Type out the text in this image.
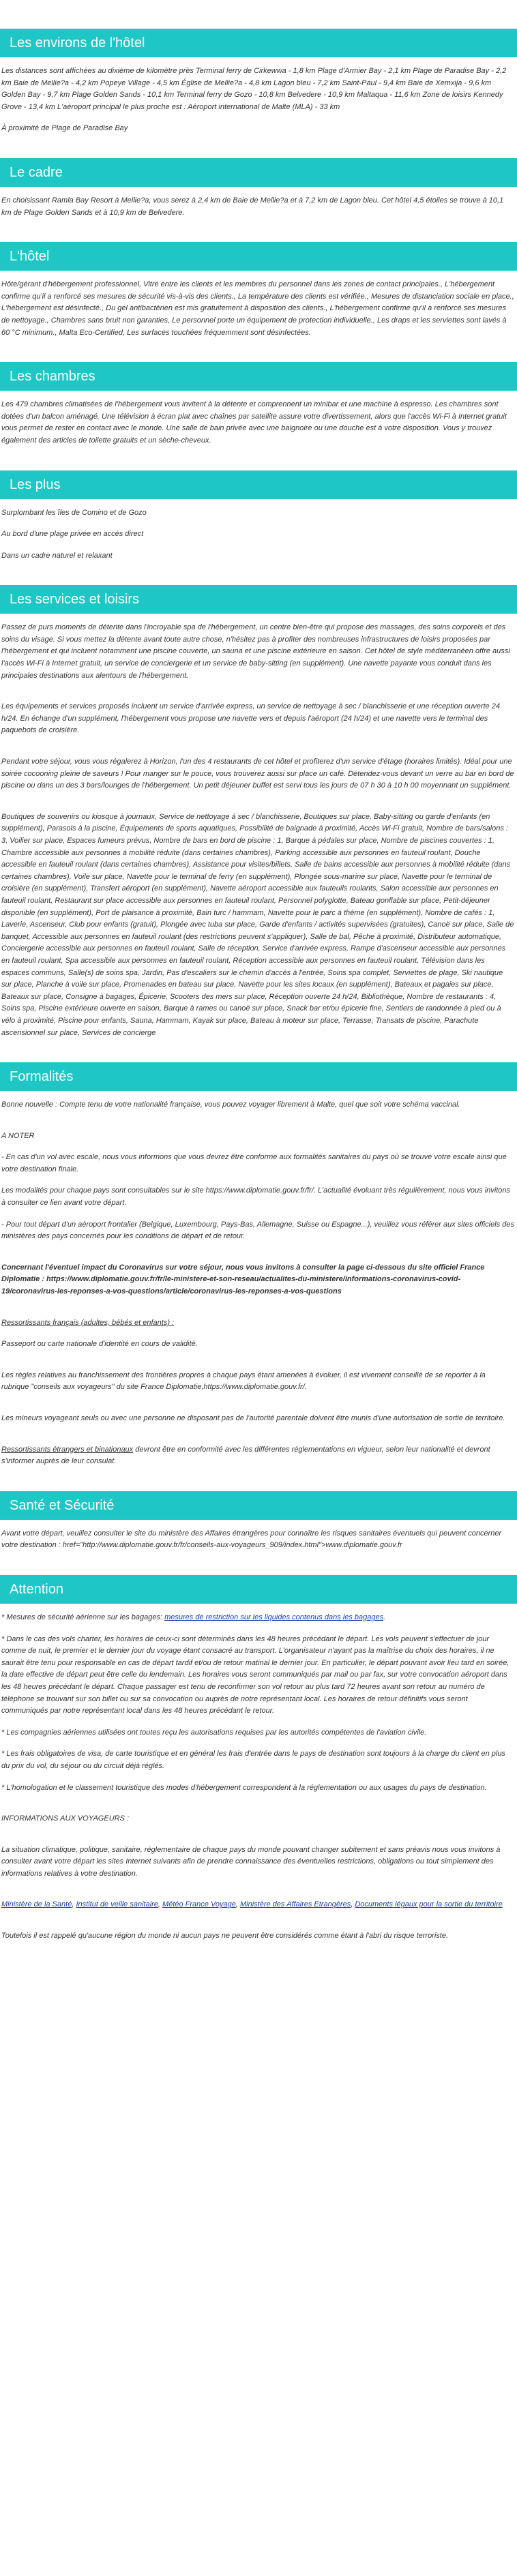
Les environs de l'hôtel

Les distances sont affichées au dixième de kilomètre près Terminal ferry de Cirkewwa - 1,8 km Plage d'Armier Bay - 2,1 km Plage de Paradise Bay - 2,2 km Baie de Mellie?a - 4,2 km Popeye Village - 4,5 km Église de Mellie?a - 4,8 km Lagon bleu - 7,2 km Saint-Paul - 9,4 km Baie de Xemxija - 9,6 km Golden Bay - 9,7 km Plage Golden Sands - 10,1 km Terminal ferry de Gozo - 10,8 km Belvedere - 10,9 km Maltaqua - 11,6 km Zone de loisirs Kennedy Grove - 13,4 km L'aéroport principal le plus proche est : Aéroport international de Malte (MLA) - 33 km

À proximité de Plage de Paradise Bay

Le cadre

En choisissant Ramla Bay Resort à Mellie?a, vous serez à 2,4 km de Baie de Mellie?a et à 7,2 km de Lagon bleu. Cet hôtel 4,5 étoiles se trouve à 10,1 km de Plage Golden Sands et à 10,9 km de Belvedere.

L'hôtel

Hôte/gérant d'hébergement professionnel, Vitre entre les clients et les membres du personnel dans les zones de contact principales., L'hébergement confirme qu'il a renforcé ses mesures de sécurité vis-à-vis des clients., La température des clients est vérifiée., Mesures de distanciation sociale en place., L'hébergement est désinfecté., Du gel antibactérien est mis gratuitement à disposition des clients., L'hébergement confirme qu'il a renforcé ses mesures de nettoyage., Chambres sans bruit non garanties, Le personnel porte un équipement de protection individuelle., Les draps et les serviettes sont lavés à 60 °C minimum., Malta Eco-Certified, Les surfaces touchées fréquemment sont désinfectées.

Les chambres

Les 479 chambres climatisées de l'hébergement vous invitent à la détente et comprennent un minibar et une machine à espresso. Les chambres sont dotées d'un balcon aménagé. Une télévision à écran plat avec chaînes par satellite assure votre divertissement, alors que l'accès Wi-Fi à Internet gratuit vous permet de rester en contact avec le monde. Une salle de bain privée avec une baignoire ou une douche est à votre disposition. Vous y trouvez également des articles de toilette gratuits et un sèche-cheveux.

Les plus

Surplombant les îles de Comino et de Gozo

Au bord d'une plage privée en accès direct

Dans un cadre naturel et relaxant

Les services et loisirs

Passez de purs moments de détente dans l'incroyable spa de l'hébergement, un centre bien-être qui propose des massages, des soins corporels et des soins du visage. Si vous mettez la détente avant toute autre chose, n'hésitez pas à profiter des nombreuses infrastructures de loisirs proposées par l'hébergement et qui incluent notamment une piscine couverte, un sauna et une piscine extérieure en saison. Cet hôtel de style méditerranéen offre aussi l'accès Wi-Fi à Internet gratuit, un service de conciergerie et un service de baby-sitting (en supplément). Une navette payante vous conduit dans les principales destinations aux alentours de l'hébergement.

Les équipements et services proposés incluent un service d'arrivée express, un service de nettoyage à sec / blanchisserie et une réception ouverte 24 h/24. En échange d'un supplément, l'hébergement vous propose une navette vers et depuis l'aéroport (24 h/24) et une navette vers le terminal des paquebots de croisière.

Pendant votre séjour, vous vous régalerez à Horizon, l'un des 4 restaurants de cet hôtel et profiterez d'un service d'étage (horaires limités). Idéal pour une soirée cocooning pleine de saveurs ! Pour manger sur le pouce, vous trouverez aussi sur place un café. Détendez-vous devant un verre au bar en bord de piscine ou dans un des 3 bars/lounges de l'hébergement. Un petit déjeuner buffet est servi tous les jours de 07 h 30 à 10 h 00 moyennant un supplément.

Boutiques de souvenirs ou kiosque à journaux, Service de nettoyage à sec / blanchisserie, Boutiques sur place, Baby-sitting ou garde d'enfants (en supplément), Parasols à la piscine, Équipements de sports aquatiques, Possibilité de baignade à proximité, Accès Wi-Fi gratuit, Nombre de bars/salons : 3, Voilier sur place, Espaces fumeurs prévus, Nombre de bars en bord de piscine : 1, Barque à pédales sur place, Nombre de piscines couvertes : 1, Chambre accessible aux personnes à mobilité réduite (dans certaines chambres), Parking accessible aux personnes en fauteuil roulant, Douche accessible en fauteuil roulant (dans certaines chambres), Assistance pour visites/billets, Salle de bains accessible aux personnes à mobilité réduite (dans certaines chambres), Voile sur place, Navette pour le terminal de ferry (en supplément), Plongée sous-marine sur place, Navette pour le terminal de croisière (en supplément), Transfert aéroport (en supplément), Navette aéroport accessible aux fauteuils roulants, Salon accessible aux personnes en fauteuil roulant, Restaurant sur place accessible aux personnes en fauteuil roulant, Personnel polyglotte, Bateau gonflable sur place, Petit-déjeuner disponible (en supplément), Port de plaisance à proximité, Bain turc / hammam, Navette pour le parc à thème (en supplément), Nombre de cafés : 1, Laverie, Ascenseur, Club pour enfants (gratuit), Plongée avec tuba sur place, Garde d'enfants / activités supervisées (gratuites), Canoë sur place, Salle de banquet, Accessible aux personnes en fauteuil roulant (des restrictions peuvent s'appliquer), Salle de bal, Pêche à proximité, Distributeur automatique, Conciergerie accessible aux personnes en fauteuil roulant, Salle de réception, Service d'arrivée express, Rampe d'ascenseur accessible aux personnes en fauteuil roulant, Spa accessible aux personnes en fauteuil roulant, Réception accessible aux personnes en fauteuil roulant, Télévision dans les espaces communs, Salle(s) de soins spa, Jardin, Pas d'escaliers sur le chemin d'accès à l'entrée, Soins spa complet, Serviettes de plage, Ski nautique sur place, Planche à voile sur place, Promenades en bateau sur place, Navette pour les sites locaux (en supplément), Bateaux et pagaies sur place, Bateaux sur place, Consigne à bagages, Épicerie, Scooters des mers sur place, Réception ouverte 24 h/24, Bibliothèque, Nombre de restaurants : 4, Soins spa, Piscine extérieure ouverte en saison, Barque à rames ou canoë sur place, Snack bar et/ou épicerie fine, Sentiers de randonnée à pied ou à vélo à proximité, Piscine pour enfants, Sauna, Hammam, Kayak sur place, Bateau à moteur sur place, Terrasse, Transats de piscine, Parachute ascensionnel sur place, Services de concierge

Formalités

Bonne nouvelle : Compte tenu de votre nationalité française, vous pouvez voyager librement à Malte, quel que soit votre schéma vaccinal.

A NOTER

- En cas d'un vol avec escale, nous vous informons que vous devrez être conforme aux formalités sanitaires du pays où se trouve votre escale ainsi que votre destination finale.

Les modalités pour chaque pays sont consultables sur le site https://www.diplomatie.gouv.fr/fr/. L'actualité évoluant très régulièrement, nous vous invitons à consulter ce lien avant votre départ.

- Pour tout départ d'un aéroport frontalier (Belgique, Luxembourg, Pays-Bas, Allemagne, Suisse ou Espagne...), veuillez vous référer aux sites officiels des ministères des pays concernés pour les conditions de départ et de retour.

Concernant l'éventuel impact du Coronavirus sur votre séjour, nous vous invitons à consulter la page ci-dessous du site officiel France Diplomatie : https://www.diplomatie.gouv.fr/fr/le-ministere-et-son-reseau/actualites-du-ministere/informations-coronavirus-covid-19/coronavirus-les-reponses-a-vos-questions/article/coronavirus-les-reponses-a-vos-questions

Ressortissants français (adultes, bébés et enfants) :

Passeport ou carte nationale d'identité en cours de validité.

Les règles relatives au franchissement des frontières propres à chaque pays étant amenées à évoluer, il est vivement conseillé de se reporter à la rubrique "conseils aux voyageurs" du site France Diplomatie,https://www.diplomatie.gouv.fr/.

Les mineurs voyageant seuls ou avec une personne ne disposant pas de l'autorité parentale doivent être munis d'une autorisation de sortie de territoire.

Ressortissants étrangers et binationaux devront être en conformité avec les différentes réglementations en vigueur, selon leur nationalité et devront s'informer auprès de leur consulat.

Santé et Sécurité

Avant votre départ, veuillez consulter le site du ministère des Affaires étrangères pour connaître les risques sanitaires éventuels qui peuvent concerner votre destination : href="http://www.diplomatie.gouv.fr/fr/conseils-aux-voyageurs_909/index.html">www.diplomatie.gouv.fr

Attention

* Mesures de sécurité aérienne sur les bagages: mesures de restriction sur les liquides contenus dans les bagages.

* Dans le cas des vols charter, les horaires de ceux-ci sont déterminés dans les 48 heures précédant le départ. Les vols peuvent s'effectuer de jour comme de nuit, le premier et le dernier jour du voyage étant consacré au transport. L'organisateur n'ayant pas la maîtrise du choix des horaires, il ne saurait être tenu pour responsable en cas de départ tardif et/ou de retour matinal le dernier jour. En particulier, le départ pouvant avoir lieu tard en soirée, la date effective de départ peut être celle du lendemain. Les horaires vous seront communiqués par mail ou par fax, sur votre convocation aéroport dans les 48 heures précédant le départ. Chaque passager est tenu de reconfirmer son vol retour au plus tard 72 heures avant son retour au numéro de téléphone se trouvant sur son billet ou sur sa convocation ou auprès de notre représentant local. Les horaires de retour définitifs vous seront communiqués par notre représentant local dans les 48 heures précédant le retour.

* Les compagnies aériennes utilisées ont toutes reçu les autorisations requises par les autorités compétentes de l'aviation civile.

* Les frais obligatoires de visa, de carte touristique et en général les frais d'entrée dans le pays de destination sont toujours à la charge du client en plus du prix du vol, du séjour ou du circuit déjà réglés.

* L'homologation et le classement touristique des modes d'hébergement correspondent à la réglementation ou aux usages du pays de destination.

INFORMATIONS AUX VOYAGEURS :

La situation climatique, politique, sanitaire, réglementaire de chaque pays du monde pouvant changer subitement et sans préavis nous vous invitons à consulter avant votre départ les sites Internet suivants afin de prendre connaissance des éventuelles restrictions, obligations ou tout simplement des informations relatives à votre destination.

Ministère de la Santé, Institut de veille sanitaire, Météo France Voyage, Ministère des Affaires Etrangères, Documents légaux pour la sortie du territoire

Toutefois il est rappelé qu'aucune région du monde ni aucun pays ne peuvent être considérés comme étant à l'abri du risque terroriste.
